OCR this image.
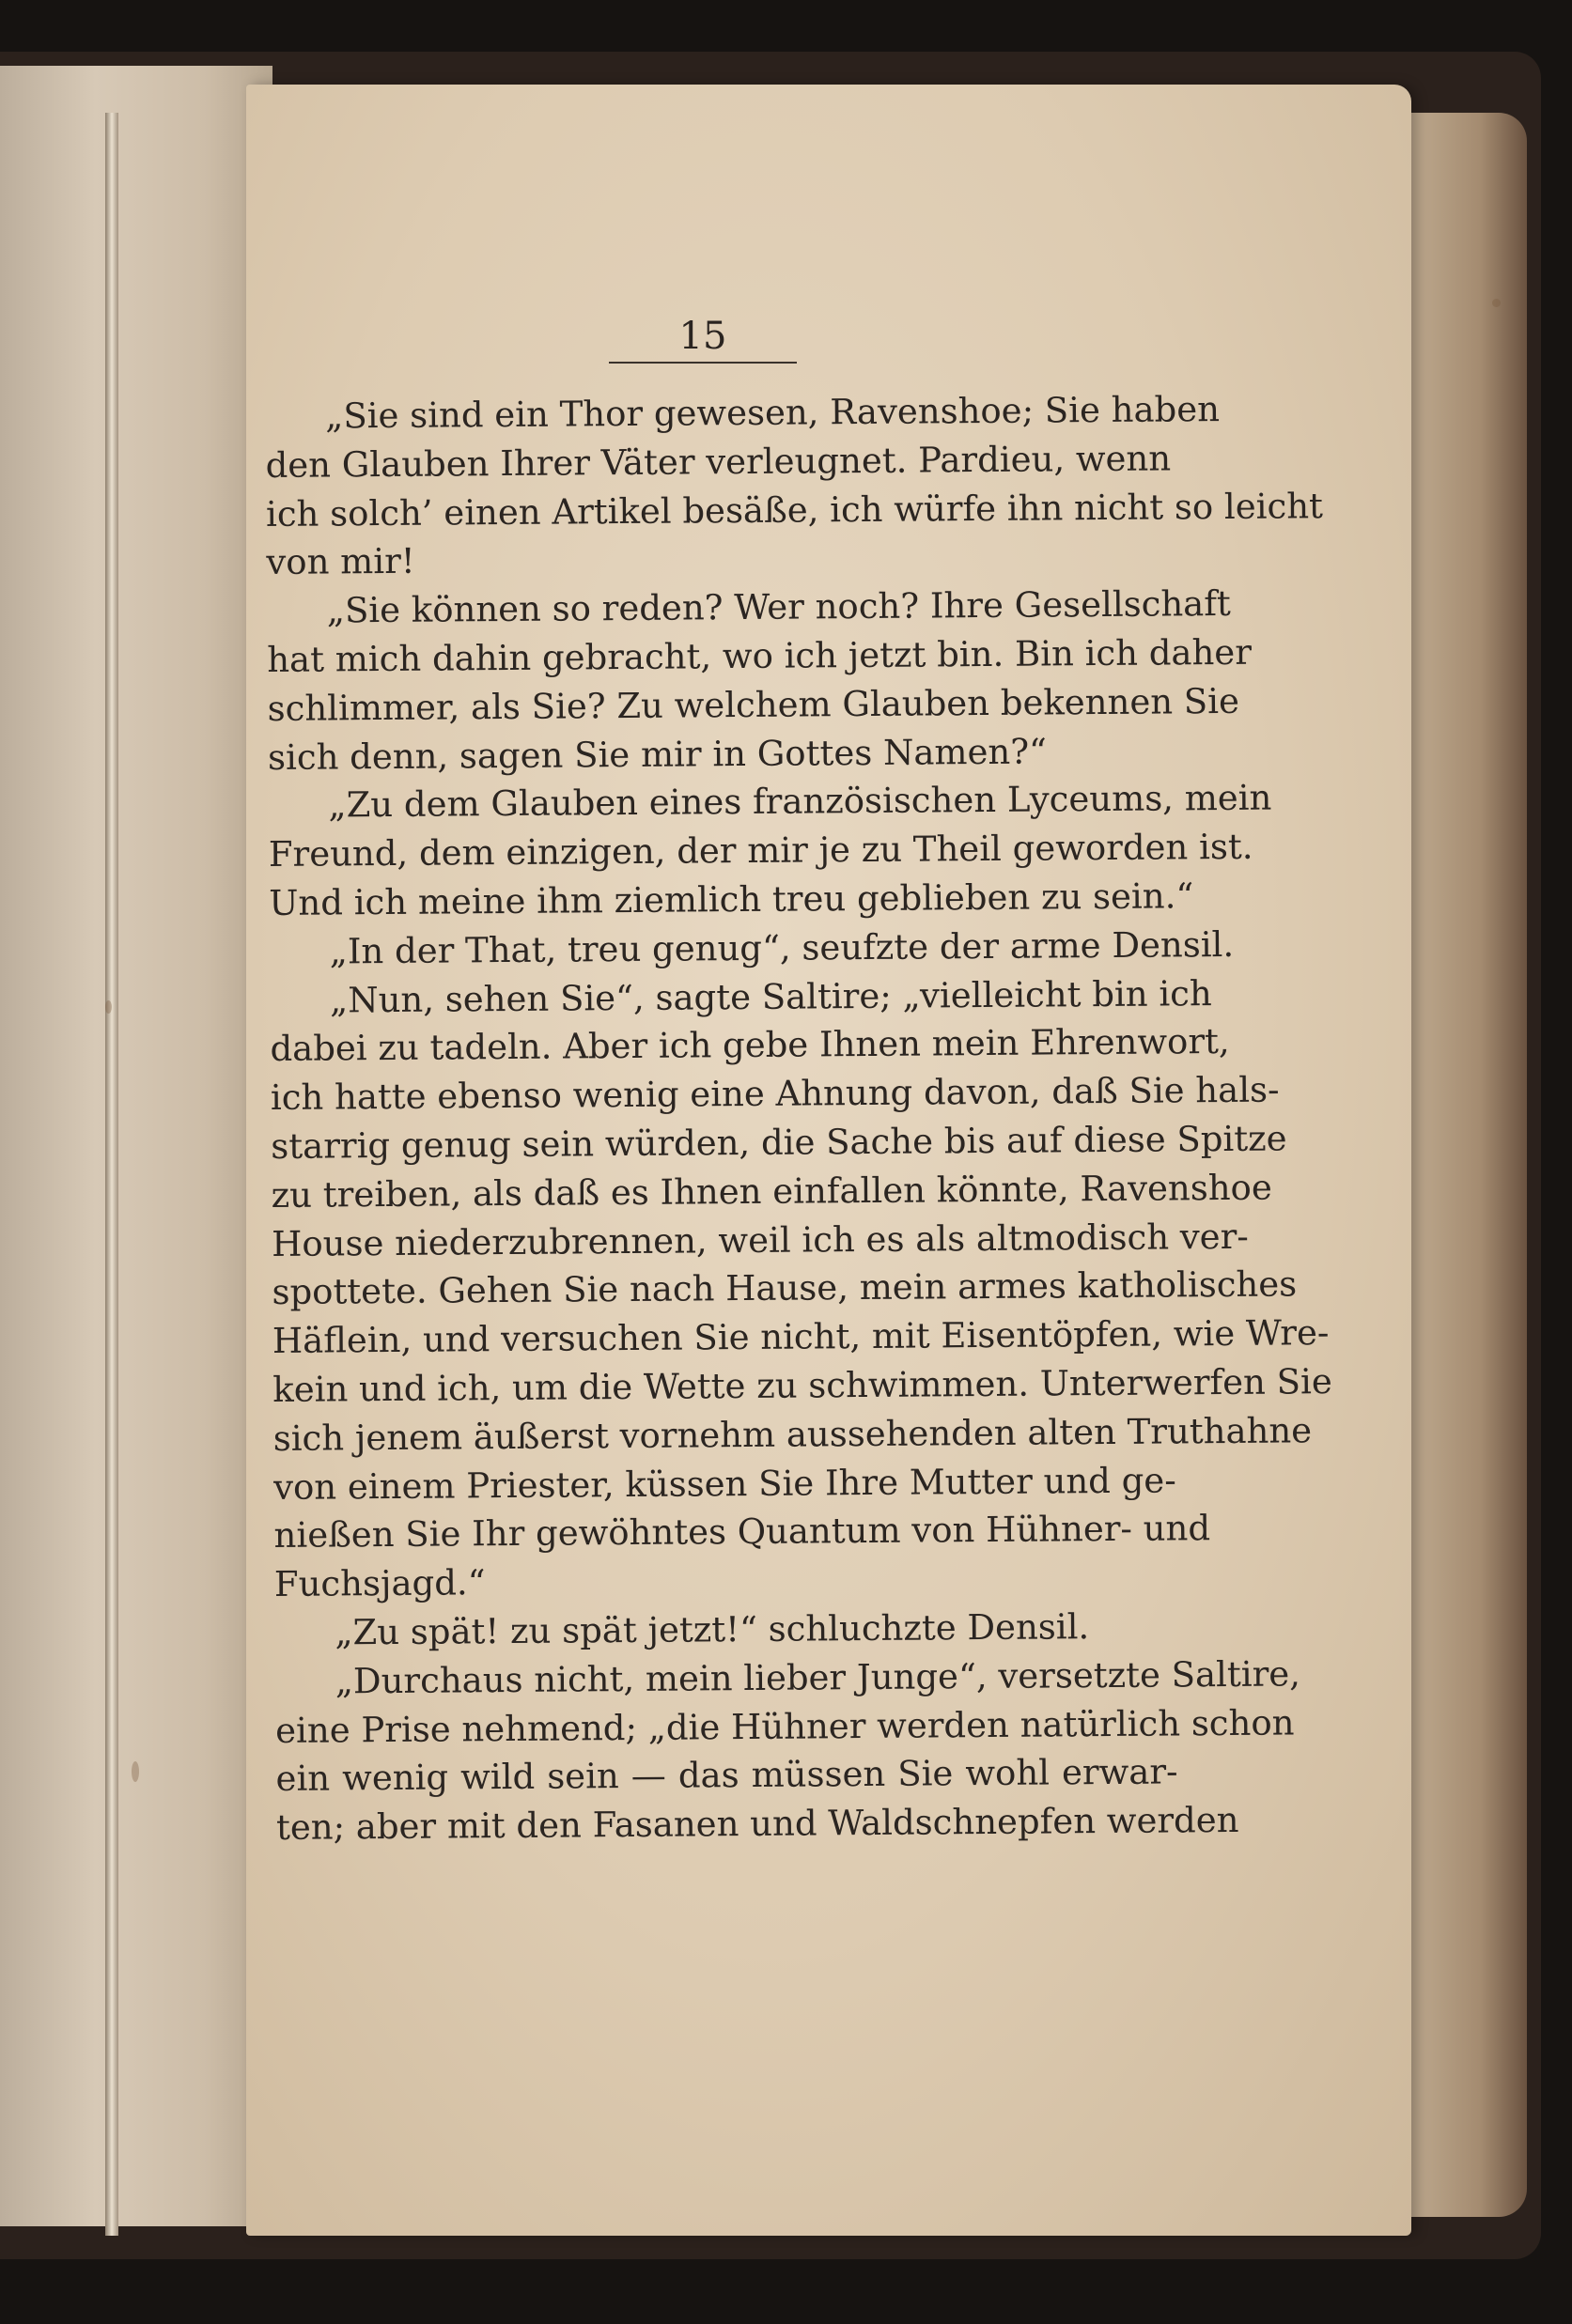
15
„Sie sind ein Thor gewesen, Ravenshoe; Sie haben
den Glauben Ihrer Väter verleugnet. Pardieu, wenn
ich solch’ einen Artikel besäße, ich würfe ihn nicht so leicht
von mir!
„Sie können so reden? Wer noch? Ihre Gesellschaft
hat mich dahin gebracht, wo ich jetzt bin. Bin ich daher
schlimmer, als Sie? Zu welchem Glauben bekennen Sie
sich denn, sagen Sie mir in Gottes Namen?“
„Zu dem Glauben eines französischen Lyceums, mein
Freund, dem einzigen, der mir je zu Theil geworden ist.
Und ich meine ihm ziemlich treu geblieben zu sein.“
„In der That, treu genug“, seufzte der arme Densil.
„Nun, sehen Sie“, sagte Saltire; „vielleicht bin ich
dabei zu tadeln. Aber ich gebe Ihnen mein Ehrenwort,
ich hatte ebenso wenig eine Ahnung davon, daß Sie hals-
starrig genug sein würden, die Sache bis auf diese Spitze
zu treiben, als daß es Ihnen einfallen könnte, Ravenshoe
House niederzubrennen, weil ich es als altmodisch ver-
spottete. Gehen Sie nach Hause, mein armes katholisches
Häflein, und versuchen Sie nicht, mit Eisentöpfen, wie Wre-
kein und ich, um die Wette zu schwimmen. Unterwerfen Sie
sich jenem äußerst vornehm aussehenden alten Truthahne
von einem Priester, küssen Sie Ihre Mutter und ge-
nießen Sie Ihr gewöhntes Quantum von Hühner- und
Fuchsjagd.“
„Zu spät! zu spät jetzt!“ schluchzte Densil.
„Durchaus nicht, mein lieber Junge“, versetzte Saltire,
eine Prise nehmend; „die Hühner werden natürlich schon
ein wenig wild sein — das müssen Sie wohl erwar-
ten; aber mit den Fasanen und Waldschnepfen werden
